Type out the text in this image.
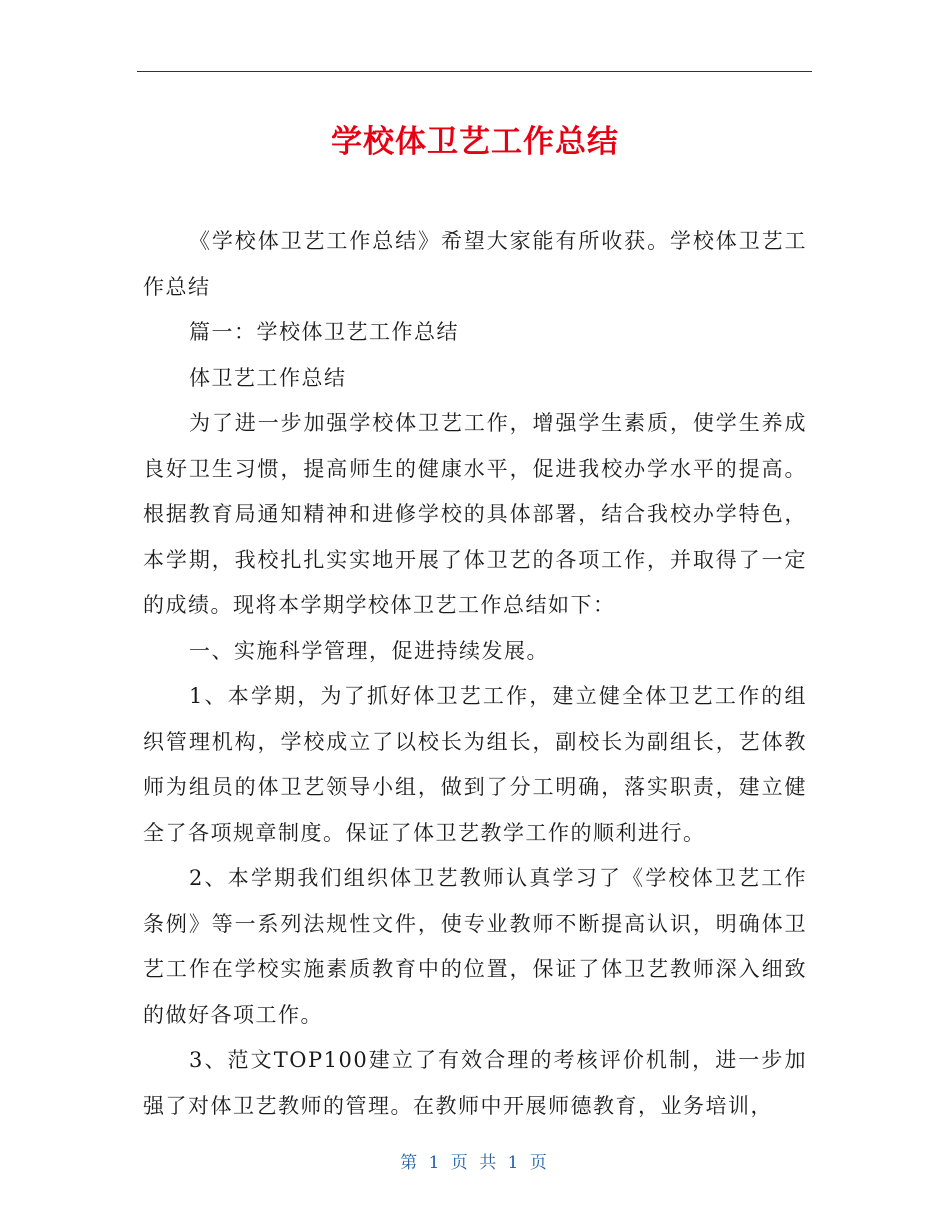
学校体卫艺工作总结

《学校体卫艺工作总结》希望大家能有所收获。学校体卫艺工作总结

篇一：学校体卫艺工作总结

体卫艺工作总结

为了进一步加强学校体卫艺工作，增强学生素质，使学生养成良好卫生习惯，提高师生的健康水平，促进我校办学水平的提高。根据教育局通知精神和进修学校的具体部署，结合我校办学特色，本学期，我校扎扎实实地开展了体卫艺的各项工作，并取得了一定的成绩。现将本学期学校体卫艺工作总结如下：

一、实施科学管理，促进持续发展。

1、本学期，为了抓好体卫艺工作，建立健全体卫艺工作的组织管理机构，学校成立了以校长为组长，副校长为副组长，艺体教师为组员的体卫艺领导小组，做到了分工明确，落实职责，建立健全了各项规章制度。保证了体卫艺教学工作的顺利进行。

2、本学期我们组织体卫艺教师认真学习了《学校体卫艺工作条例》等一系列法规性文件，使专业教师不断提高认识，明确体卫艺工作在学校实施素质教育中的位置，保证了体卫艺教师深入细致的做好各项工作。

3、范文TOP100建立了有效合理的考核评价机制，进一步加强了对体卫艺教师的管理。在教师中开展师德教育，业务培训，

第 1 页 共 1 页
